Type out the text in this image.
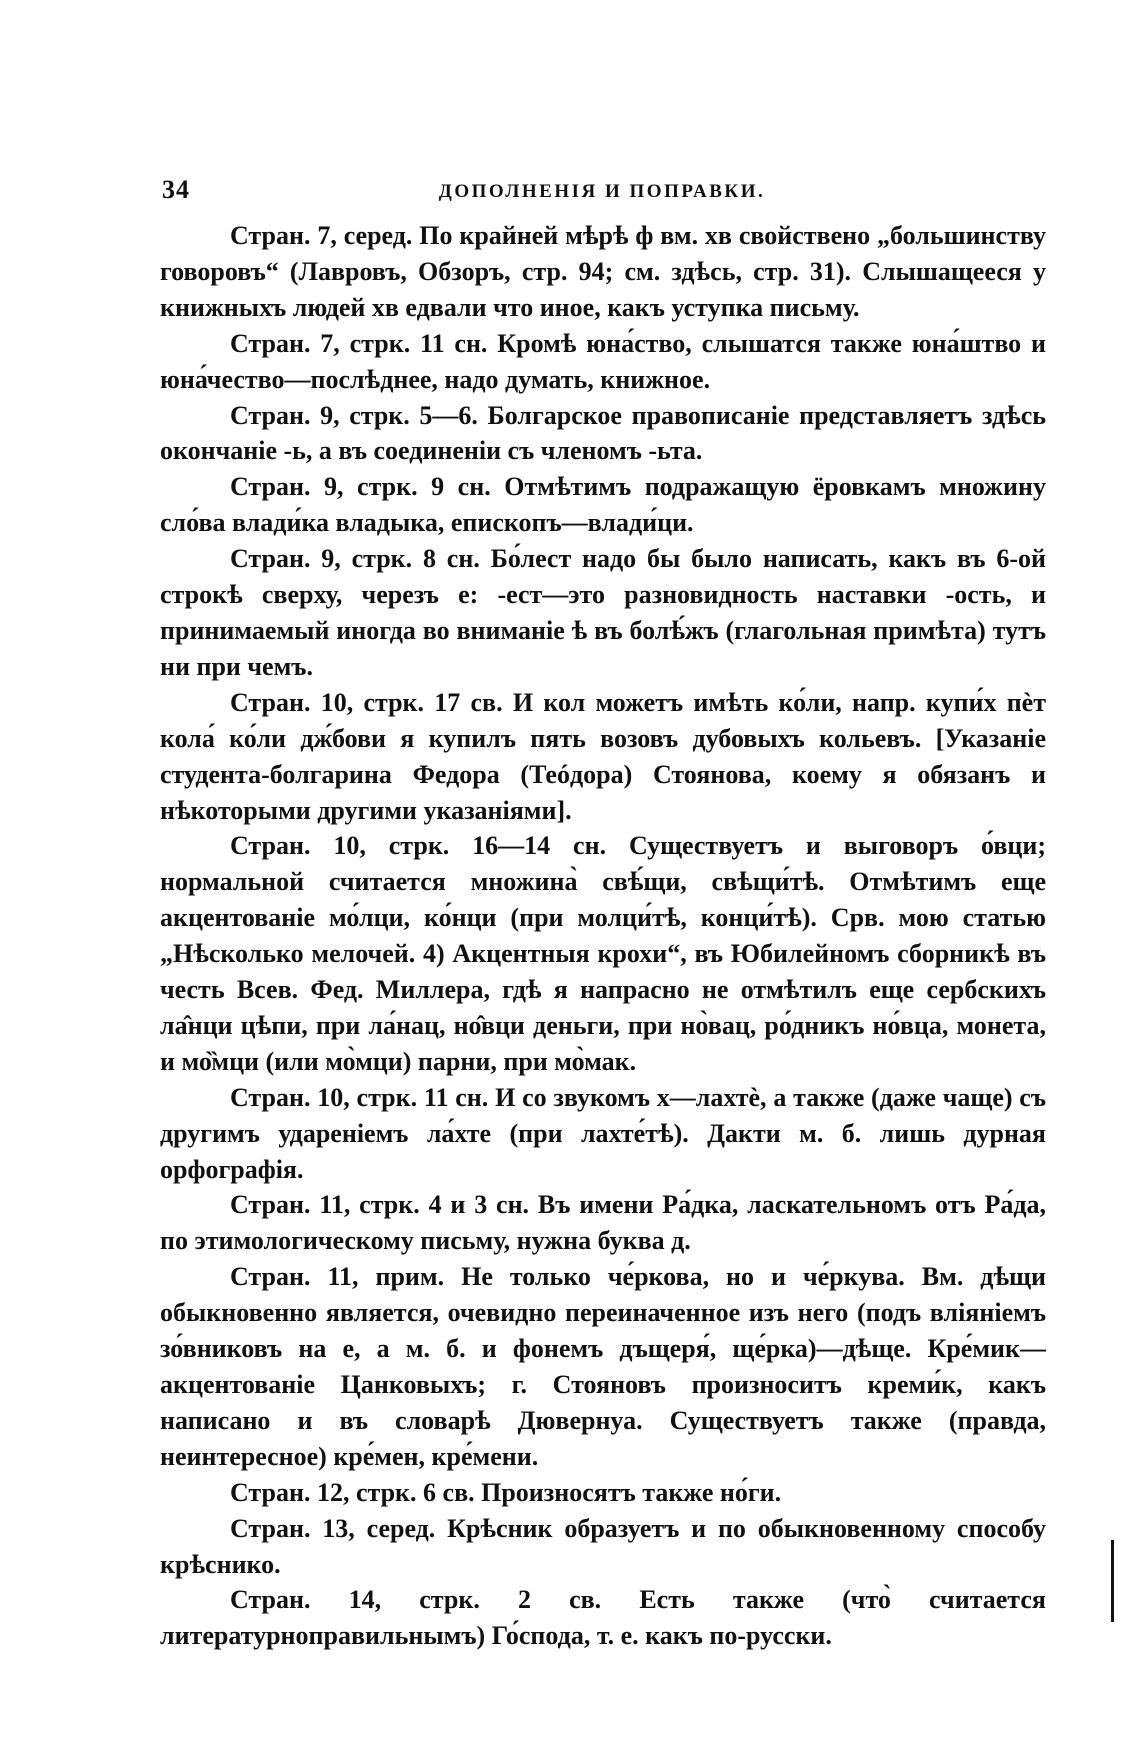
34	ДОПОЛНЕНІЯ И ПОПРАВКИ.

Стран. 7, серед. По крайней мѣрѣ ф вм. хв свойствено „большинству говоровъ“ (Лавровъ, Обзоръ, стр. 94; см. здѣсь, стр. 31). Слышащееся у книжныхъ людей хв едвали что иное, какъ уступка письму.

Стран. 7, стрк. 11 сн. Кромѣ юна́ство, слышатся также юна́штво и юна́чество—послѣднее, надо думать, книжное.

Стран. 9, стрк. 5—6. Болгарское правописаніе представляетъ здѣсь окончаніе -ь, а въ соединеніи съ членомъ -ьта.

Стран. 9, стрк. 9 сн. Отмѣтимъ подражащую ёровкамъ множину сло́ва влади́ка владыка, епископъ—влади́ци.

Стран. 9, стрк. 8 сн. Бо́лест надо бы было написать, какъ въ 6-ой строкѣ сверху, черезъ е: -ест—это разновидность наставки -ость, и принимаемый иногда во вниманіе ѣ въ болѣ́жъ (глагольная примѣта) тутъ ни при чемъ.

Стран. 10, стрк. 17 св. И кол можетъ имѣть ко́ли, напр. купи́х пѐт кола́ ко́ли дж́бови я купилъ пять возовъ дубовыхъ кольевъ. [Указаніе студента-болгарина Федора (Теóдора) Стоянова, коему я обязанъ и нѣкоторыми другими указаніями].

Стран. 10, стрк. 16—14 сн. Существуетъ и выговоръ о́вци; нормальной считается множина̀ свѣ́щи, свѣщи́тѣ. Отмѣтимъ еще акцентованіе мо́лци, ко́нци (при молци́тѣ, конци́тѣ). Срв. мою статью „Нѣсколько мелочей. 4) Акцентныя крохи“, въ Юбилейномъ сборникѣ въ честь Всев. Фед. Миллера, гдѣ я напрасно не отмѣтилъ еще сербскихъ ла̂нци цѣпи, при ла́нац, но̂вци деньги, при но̀вац, ро́дникъ но́вца, монета, и мо̏мци (или мо̀мци) парни, при мо̀мак.

Стран. 10, стрк. 11 сн. И со звукомъ х—лахтѐ, а также (даже чаще) съ другимъ удареніемъ ла́хте (при лахте́тѣ). Дакти м. б. лишь дурная орфографія.

Стран. 11, стрк. 4 и 3 сн. Въ имени Ра́дка, ласкательномъ отъ Ра́да, по этимологическому письму, нужна буква д.

Стран. 11, прим. Не только че́ркова, но и че́ркува. Вм. дѣщи обыкновенно является, очевидно переиначенное изъ него (подъ вліяніемъ зо́вниковъ на е, а м. б. и фонемъ дъщеря́, ще́рка)—дѣще. Кре́мик—акцентованіе Цанковыхъ; г. Стояновъ произноситъ креми́к, какъ написано и въ словарѣ Дювернуа. Существуетъ также (правда, неинтересное) кре́мен, кре́мени.

Стран. 12, стрк. 6 св. Произносятъ также но́ги.

Стран. 13, серед. Крѣсник образуетъ и по обыкновенному способу крѣснико.

Стран. 14, стрк. 2 св. Есть также (что̀ считается литературноправильнымъ) Го́спода, т. е. какъ по-русски.
